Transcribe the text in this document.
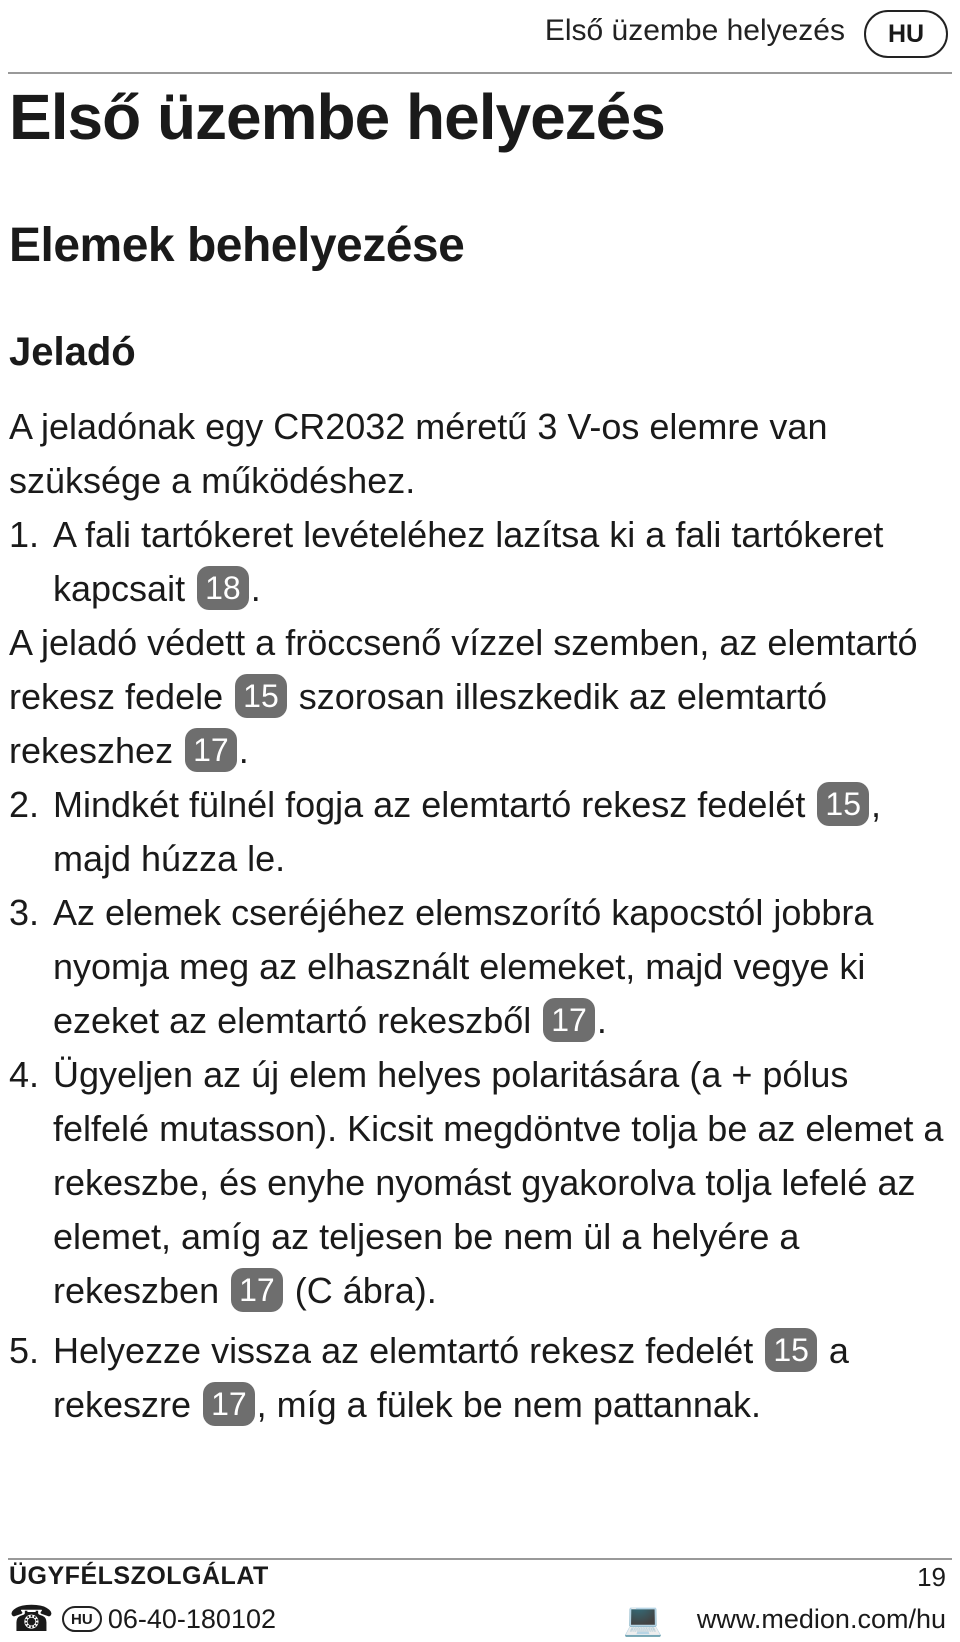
Első üzembe helyezés	HU
Első üzembe helyezés
Elemek behelyezése
Jeladó

A jeladónak egy CR2032 méretű 3 V-os elemre van szüksége a működéshez.

1. A fali tartókeret levételéhez lazítsa ki a fali tartókeret kapcsait 18 .

A jeladó védett a fröccsenő vízzel szemben, az elemtartó rekesz fedele 15 szorosan illeszkedik az elemtartó rekeszhez 17 .

2. Mindkét fülnél fogja az elemtartó rekesz fedelét 15 , majd húzza le.
3. Az elemek cseréjéhez elemszorító kapocstól jobbra nyomja meg az elhasznált elemeket, majd vegye ki ezeket az elemtartó rekeszből 17 .
4. Ügyeljen az új elem helyes polaritására (a + pólus felfelé mutasson). Kicsit megdöntve tolja be az elemet a rekeszbe, és enyhe nyomást gyakorolva tolja lefelé az elemet, amíg az teljesen be nem ül a helyére a rekeszben 17 (C ábra).
5. Helyezze vissza az elemtartó rekesz fedelét 15 a rekeszre 17 , míg a fülek be nem pattannak.
ÜGYFÉLSZOLGÁLAT	19
☎	HU 06-40-180102	💻 www.medion.com/hu
